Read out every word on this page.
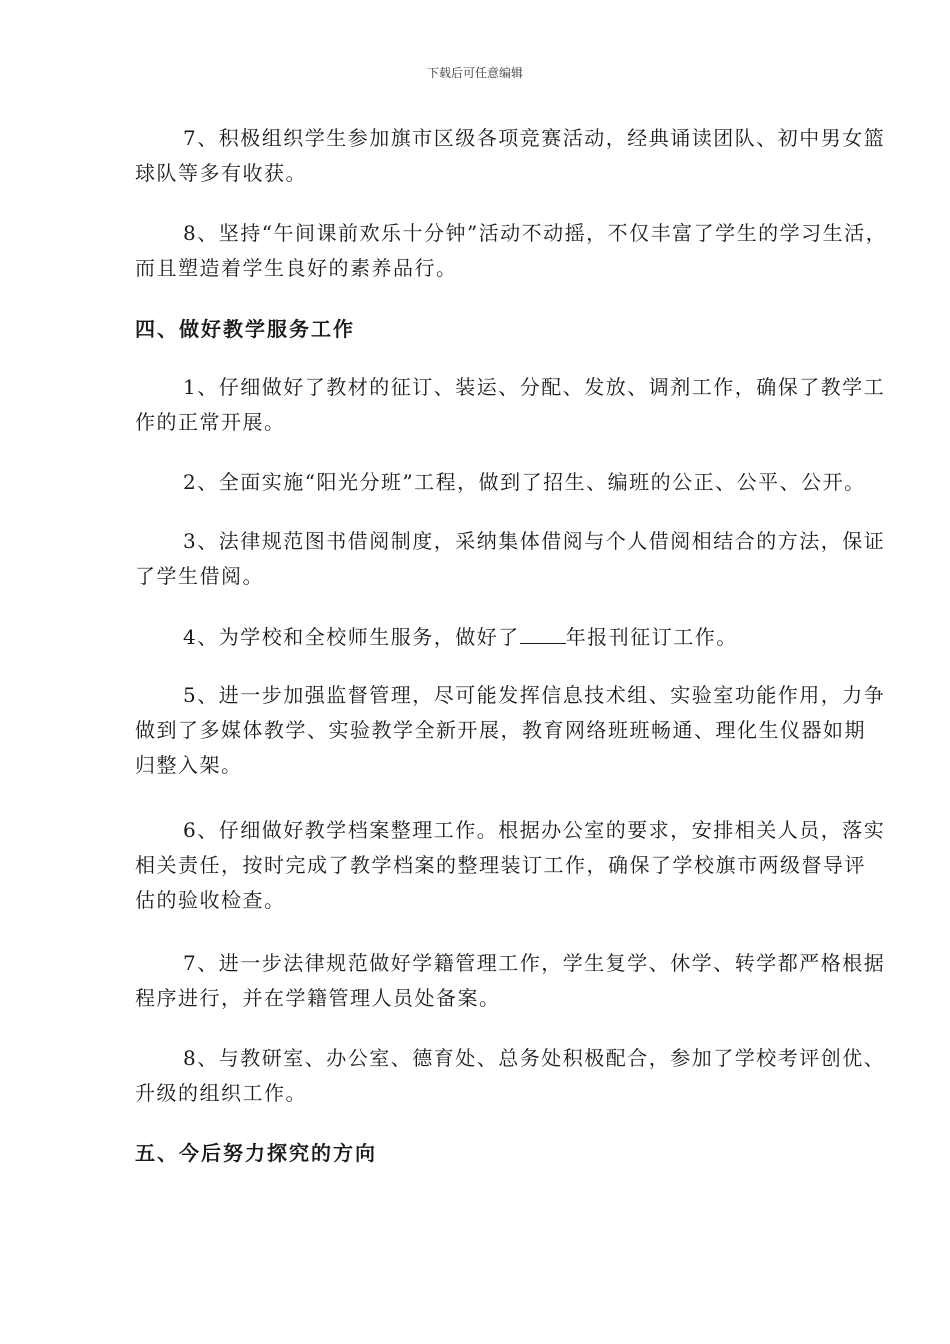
下载后可任意编辑
7、积极组织学生参加旗市区级各项竞赛活动，经典诵读团队、初中男女篮
球队等多有收获。
8、坚持“午间课前欢乐十分钟”活动不动摇，不仅丰富了学生的学习生活，
而且塑造着学生良好的素养品行。
四、做好教学服务工作
1、仔细做好了教材的征订、装运、分配、发放、调剂工作，确保了教学工
作的正常开展。
2、全面实施“阳光分班”工程，做到了招生、编班的公正、公平、公开。
3、法律规范图书借阅制度，采纳集体借阅与个人借阅相结合的方法，保证
了学生借阅。
4、为学校和全校师生服务，做好了 年报刊征订工作。
5、进一步加强监督管理，尽可能发挥信息技术组、实验室功能作用，力争
做到了多媒体教学、实验教学全新开展，教育网络班班畅通、理化生仪器如期
归整入架。
6、仔细做好教学档案整理工作。根据办公室的要求，安排相关人员，落实
相关责任，按时完成了教学档案的整理装订工作，确保了学校旗市两级督导评
估的验收检查。
7、进一步法律规范做好学籍管理工作，学生复学、休学、转学都严格根据
程序进行，并在学籍管理人员处备案。
8、与教研室、办公室、德育处、总务处积极配合，参加了学校考评创优、
升级的组织工作。
五、今后努力探究的方向
